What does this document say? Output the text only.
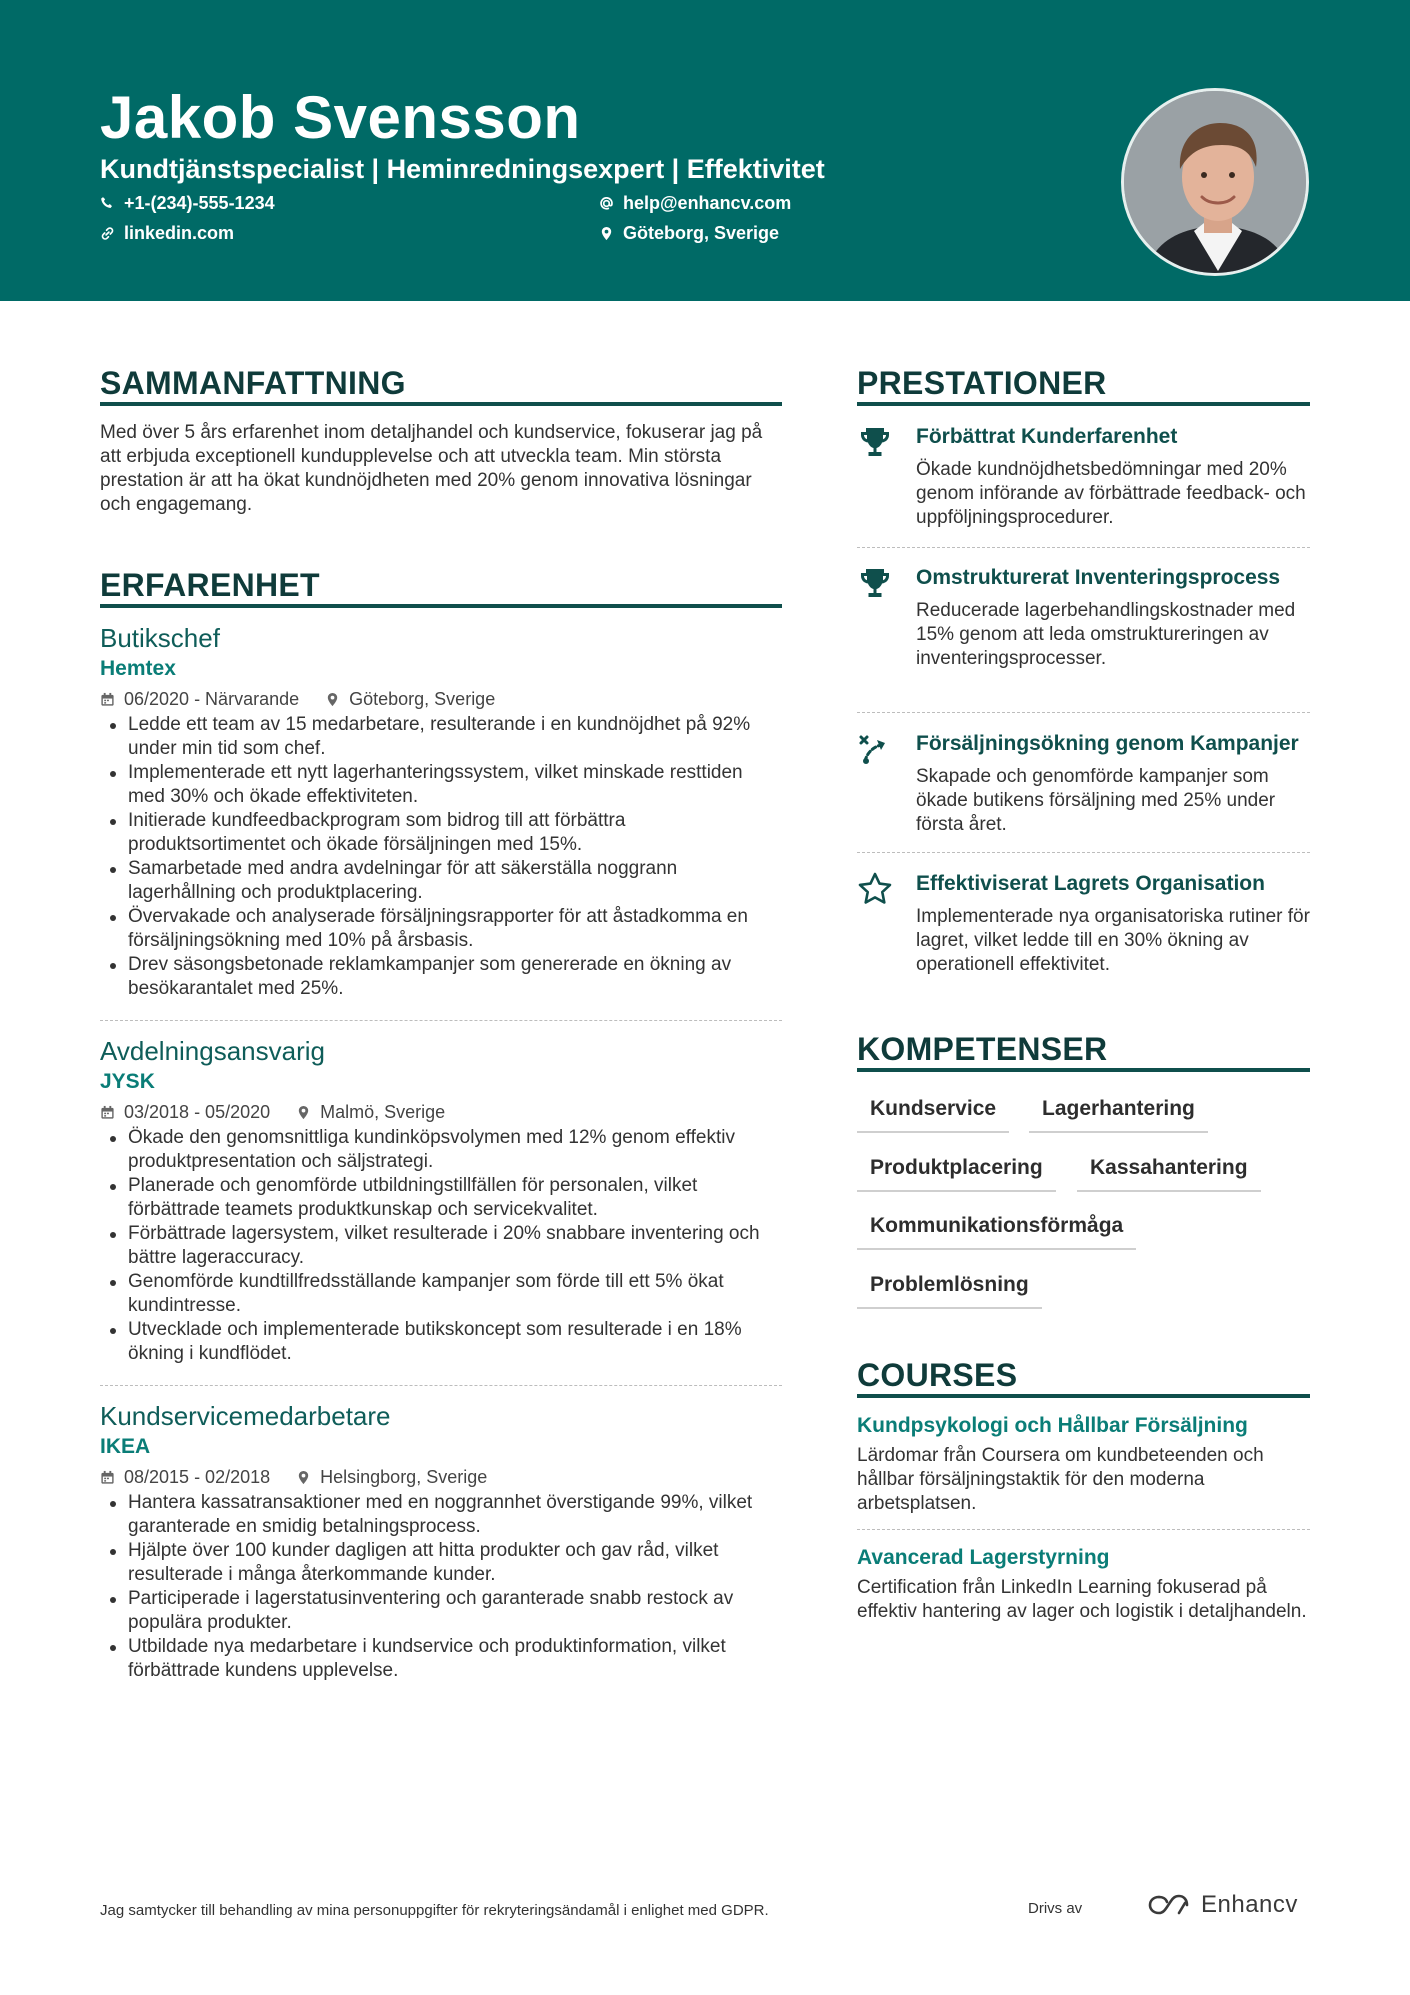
Jakob Svensson
Kundtjänstspecialist | Heminredningsexpert | Effektivitet
+1-(234)-555-1234	help@enhancv.com
linkedin.com	Göteborg, Sverige
SAMMANFATTNING
Med över 5 års erfarenhet inom detaljhandel och kundservice, fokuserar jag på att erbjuda exceptionell kundupplevelse och att utveckla team. Min största prestation är att ha ökat kundnöjdheten med 20% genom innovativa lösningar och engagemang.
ERFARENHET
Butikschef
Hemtex
06/2020 - Närvarande	Göteborg, Sverige
Ledde ett team av 15 medarbetare, resulterande i en kundnöjdhet på 92% under min tid som chef.
Implementerade ett nytt lagerhanteringssystem, vilket minskade resttiden med 30% och ökade effektiviteten.
Initierade kundfeedbackprogram som bidrog till att förbättra produktsortimentet och ökade försäljningen med 15%.
Samarbetade med andra avdelningar för att säkerställa noggrann lagerhållning och produktplacering.
Övervakade och analyserade försäljningsrapporter för att åstadkomma en försäljningsökning med 10% på årsbasis.
Drev säsongsbetonade reklamkampanjer som genererade en ökning av besökarantalet med 25%.
Avdelningsansvarig
JYSK
03/2018 - 05/2020	Malmö, Sverige
Ökade den genomsnittliga kundinköpsvolymen med 12% genom effektiv produktpresentation och säljstrategi.
Planerade och genomförde utbildningstillfällen för personalen, vilket förbättrade teamets produktkunskap och servicekvalitet.
Förbättrade lagersystem, vilket resulterade i 20% snabbare inventering och bättre lageraccuracy.
Genomförde kundtillfredsställande kampanjer som förde till ett 5% ökat kundintresse.
Utvecklade och implementerade butikskoncept som resulterade i en 18% ökning i kundflödet.
Kundservicemedarbetare
IKEA
08/2015 - 02/2018	Helsingborg, Sverige
Hantera kassatransaktioner med en noggrannhet överstigande 99%, vilket garanterade en smidig betalningsprocess.
Hjälpte över 100 kunder dagligen att hitta produkter och gav råd, vilket resulterade i många återkommande kunder.
Participerade i lagerstatusinventering och garanterade snabb restock av populära produkter.
Utbildade nya medarbetare i kundservice och produktinformation, vilket förbättrade kundens upplevelse.
PRESTATIONER
Förbättrat Kunderfarenhet
Ökade kundnöjdhetsbedömningar med 20% genom införande av förbättrade feedback- och uppföljningsprocedurer.
Omstrukturerat Inventeringsprocess
Reducerade lagerbehandlingskostnader med 15% genom att leda omstruktureringen av inventeringsprocesser.
Försäljningsökning genom Kampanjer
Skapade och genomförde kampanjer som ökade butikens försäljning med 25% under första året.
Effektiviserat Lagrets Organisation
Implementerade nya organisatoriska rutiner för lagret, vilket ledde till en 30% ökning av operationell effektivitet.
KOMPETENSER
Kundservice	Lagerhantering
Produktplacering	Kassahantering
Kommunikationsförmåga
Problemlösning
COURSES
Kundpsykologi och Hållbar Försäljning
Lärdomar från Coursera om kundbeteenden och hållbar försäljningstaktik för den moderna arbetsplatsen.
Avancerad Lagerstyrning
Certification från LinkedIn Learning fokuserad på effektiv hantering av lager och logistik i detaljhandeln.
Jag samtycker till behandling av mina personuppgifter för rekryteringsändamål i enlighet med GDPR.	Drivs av	Enhancv
